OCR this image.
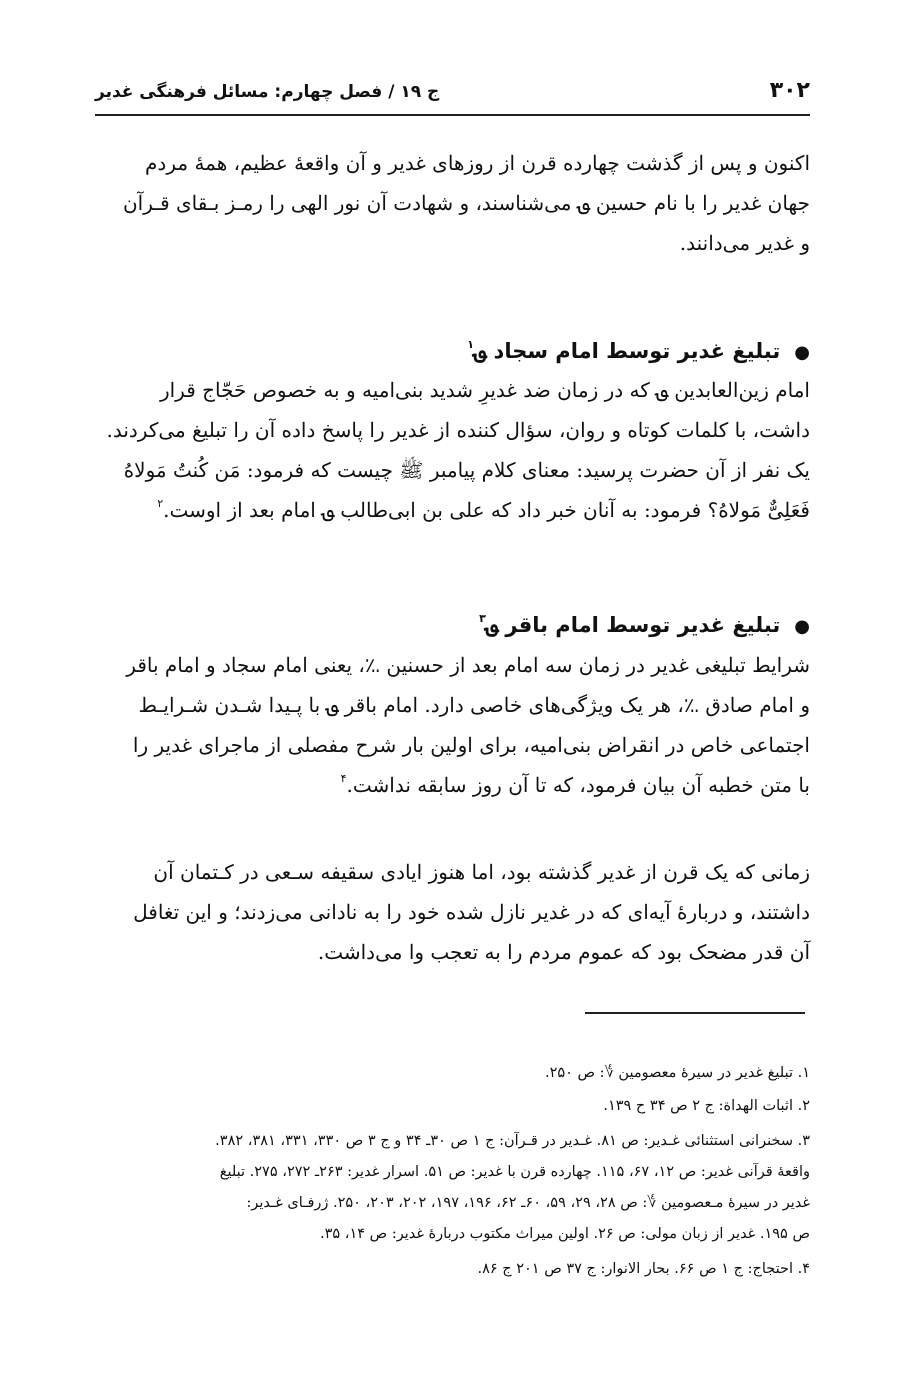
۳۰۲
ج ۱۹ / فصل چهارم: مسائل فرهنگی غدیر

اکنون و پس از گذشت چهارده قرن از روزهای غدیر و آن واقعهٔ عظیم، همهٔ مردم
جهان غدیر را با نام حسین ؈ می‌شناسند، و شهادت آن نور الهی را رمـز بـقای قـرآن
و غدیر می‌دانند.

●تبلیغ غدیر توسط امام سجاد ؈$^۱$

امام زین‌العابدین ؈ که در زمان ضد غدیرِ شدید بنی‌امیه و به خصوص حَجّاج قرار
داشت، با کلمات کوتاه و روان، سؤال کننده از غدیر را پاسخ داده آن را تبلیغ می‌کردند.
یک نفر از آن حضرت پرسید: معنای کلام پیامبر ﷺ چیست که فرمود: مَن کُنتُ مَولاهُ
فَعَلِیٌّ مَولاهُ؟ فرمود: به آنان خبر داد که علی بن ابی‌طالب ؈ امام بعد از اوست.$^۲$

●تبلیغ غدیر توسط امام باقر ؈$^۳$

شرایط تبلیغی غدیر در زمان سه امام بعد از حسنین ؉، یعنی امام سجاد و امام باقر
و امام صادق ؉، هر یک ویژگی‌های خاصی دارد. امام باقر ؈ با پـیدا شـدن شـرایـط
اجتماعی خاص در انقراض بنی‌امیه، برای اولین بار شرح مفصلی از ماجرای غدیر را
با متن خطبه آن بیان فرمود، که تا آن روز سابقه نداشت.$^۴$

زمانی که یک قرن از غدیر گذشته بود، اما هنوز ایادی سقیفه سـعی در کـتمان آن
داشتند، و دربارهٔ آیه‌ای که در غدیر نازل شده خود را به نادانی می‌زدند؛ و این تغافل
آن قدر مضحک بود که عموم مردم را به تعجب وا می‌داشت.

۱. تبلیغ غدیر در سیرهٔ معصومین ؇: ص ۲۵۰.
۲. اثبات الهداة: ج ۲ ص ۳۴ ح ۱۳۹.
۳. سخنرانی استثنائی غـدیر: ص ۸۱. غـدیر در قـرآن: ج ۱ ص ۳۰ـ ۳۴ و ج ۳ ص ۳۳۰، ۳۳۱، ۳۸۱، ۳۸۲.
واقعهٔ قرآنی غدیر: ص ۱۲، ۶۷، ۱۱۵. چهارده قرن با غدیر: ص ۵۱. اسرار غدیر: ۲۶۳ـ ۲۷۲، ۲۷۵. تبلیغ
غدیر در سیرهٔ مـعصومین ؇: ص ۲۸، ۲۹، ۵۹، ۶۰ـ ۶۲، ۱۹۶، ۱۹۷، ۲۰۲، ۲۰۳، ۲۵۰. ژرفـای غـدیر:
ص ۱۹۵. غدیر از زبان مولی: ص ۲۶. اولین میراث مکتوب دربارهٔ غدیر: ص ۱۴، ۳۵.
۴. احتجاج: ج ۱ ص ۶۶. بحار الانوار: ج ۳۷ ص ۲۰۱ ج ۸۶.
